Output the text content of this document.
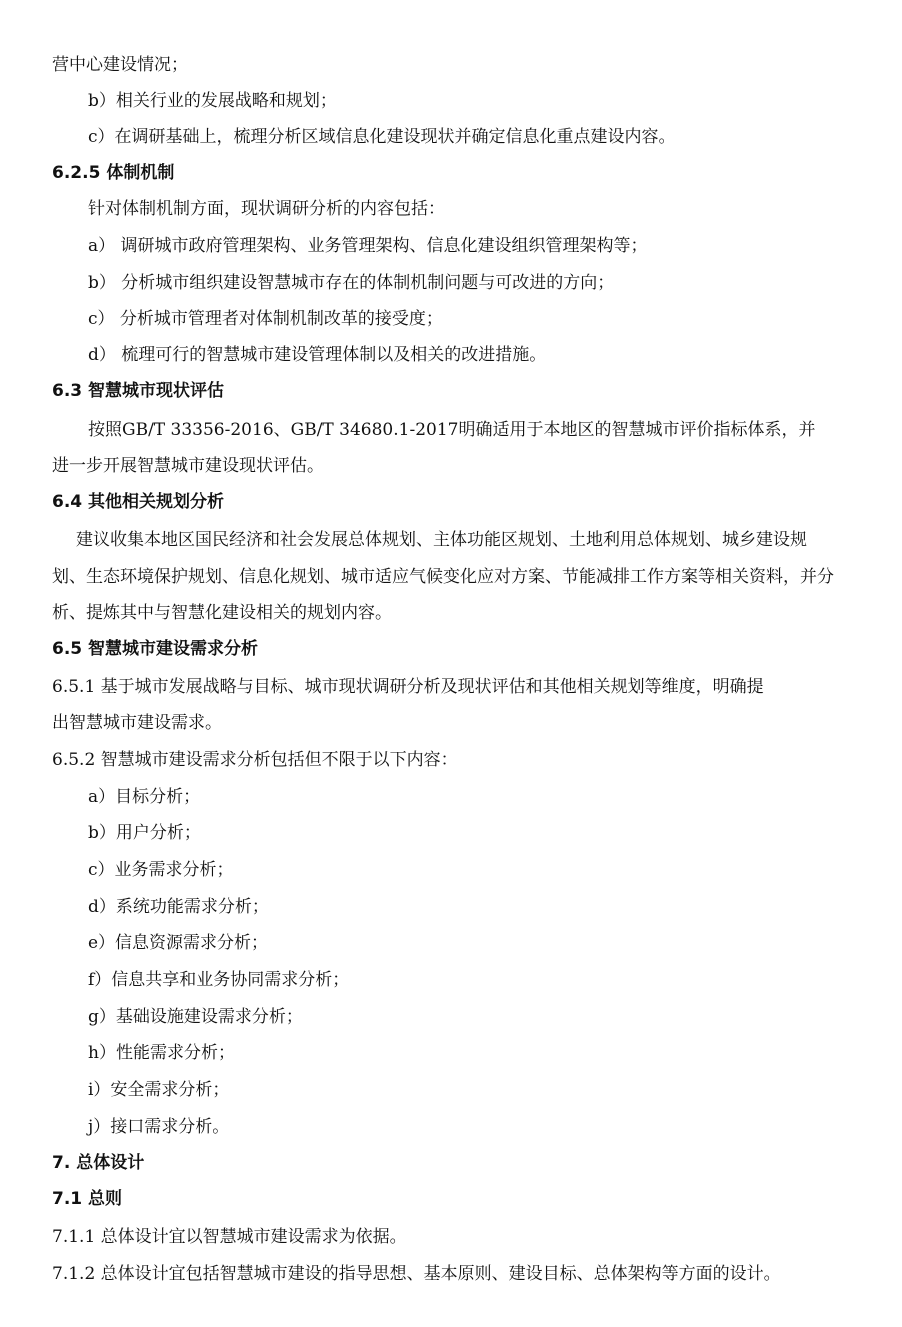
营中心建设情况；
b）相关行业的发展战略和规划；
c）在调研基础上，梳理分析区域信息化建设现状并确定信息化重点建设内容。
6.2.5 体制机制
针对体制机制方面，现状调研分析的内容包括：
a） 调研城市政府管理架构、业务管理架构、信息化建设组织管理架构等；
b） 分析城市组织建设智慧城市存在的体制机制问题与可改进的方向；
c） 分析城市管理者对体制机制改革的接受度；
d） 梳理可行的智慧城市建设管理体制以及相关的改进措施。
6.3 智慧城市现状评估
按照GB/T 33356-2016、GB/T 34680.1-2017明确适用于本地区的智慧城市评价指标体系，并
进一步开展智慧城市建设现状评估。
6.4 其他相关规划分析
建议收集本地区国民经济和社会发展总体规划、主体功能区规划、土地利用总体规划、城乡建设规
划、生态环境保护规划、信息化规划、城市适应气候变化应对方案、节能减排工作方案等相关资料，并分
析、提炼其中与智慧化建设相关的规划内容。
6.5 智慧城市建设需求分析
6.5.1 基于城市发展战略与目标、城市现状调研分析及现状评估和其他相关规划等维度，明确提
出智慧城市建设需求。
6.5.2 智慧城市建设需求分析包括但不限于以下内容：
a）目标分析；
b）用户分析；
c）业务需求分析；
d）系统功能需求分析；
e）信息资源需求分析；
f）信息共享和业务协同需求分析；
g）基础设施建设需求分析；
h）性能需求分析；
i）安全需求分析；
j）接口需求分析。
7. 总体设计
7.1 总则
7.1.1 总体设计宜以智慧城市建设需求为依据。
7.1.2 总体设计宜包括智慧城市建设的指导思想、基本原则、建设目标、总体架构等方面的设计。
